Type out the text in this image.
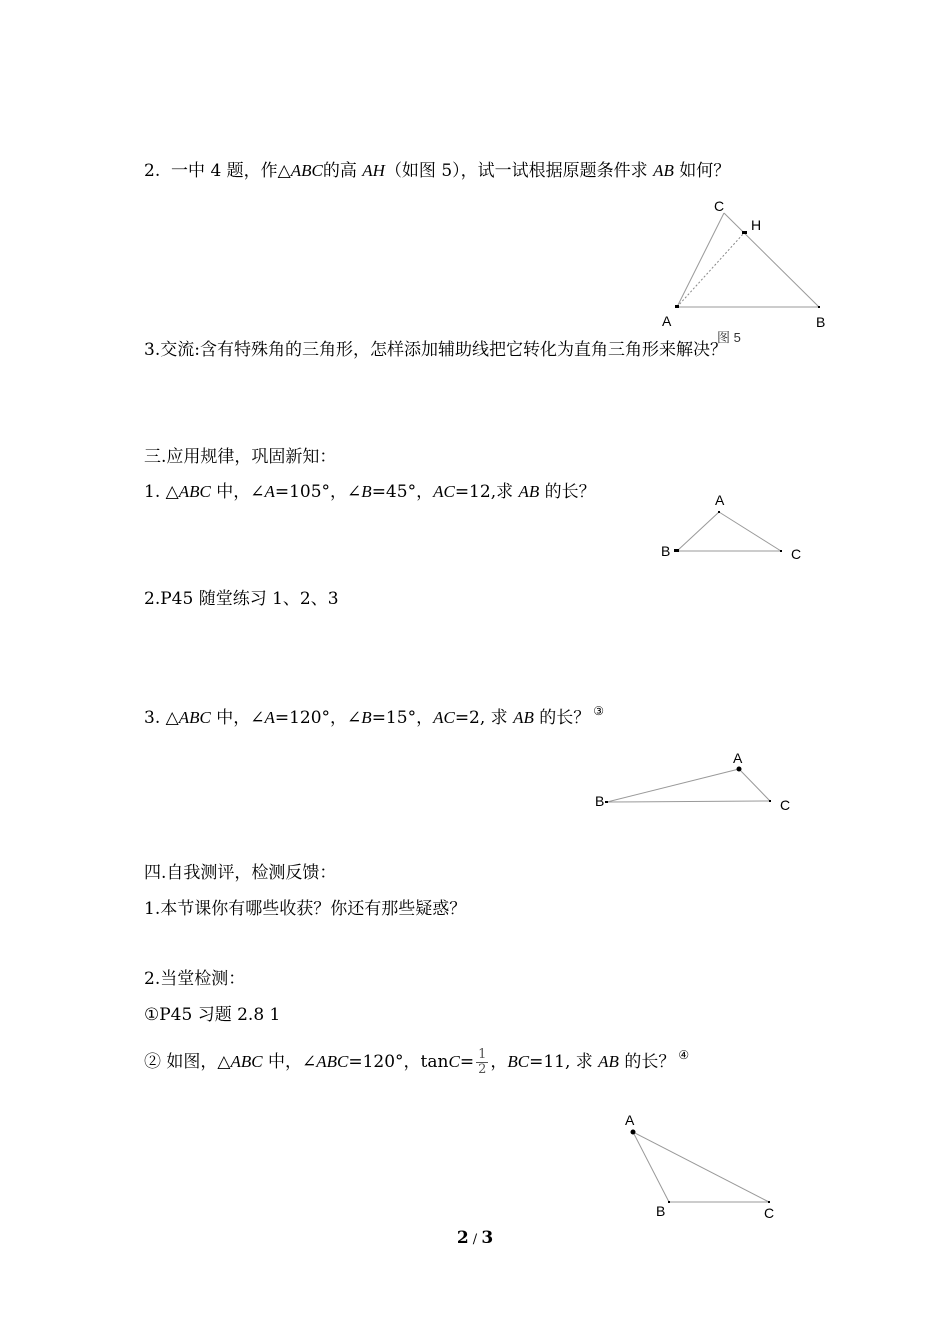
2. 一中 4 题，作△ABC的高 AH（如图 5），试一试根据原题条件求 AB 如何？
C
H
A	B
图 5
3.交流:含有特殊角的三角形，怎样添加辅助线把它转化为直角三角形来解决？
三.应用规律，巩固新知：
1. △ABC 中，∠A=105°，∠B=45°，AC=12,求 AB 的长？	A
B	C
2.P45 随堂练习 1、2、3
3. △ABC 中，∠A=120°，∠B=15°，AC=2, 求 AB 的长？ ③
A
B	C
四.自我测评，检测反馈：
1.本节课你有哪些收获？你还有那些疑惑？
2.当堂检测：
①P45 习题 2.8 1
② 如图，△ABC 中，∠ABC=120°，$\tan C= \frac{1}{2}$ ，BC=11, 求 AB 的长？ ④
A
B	C
2 / 3
